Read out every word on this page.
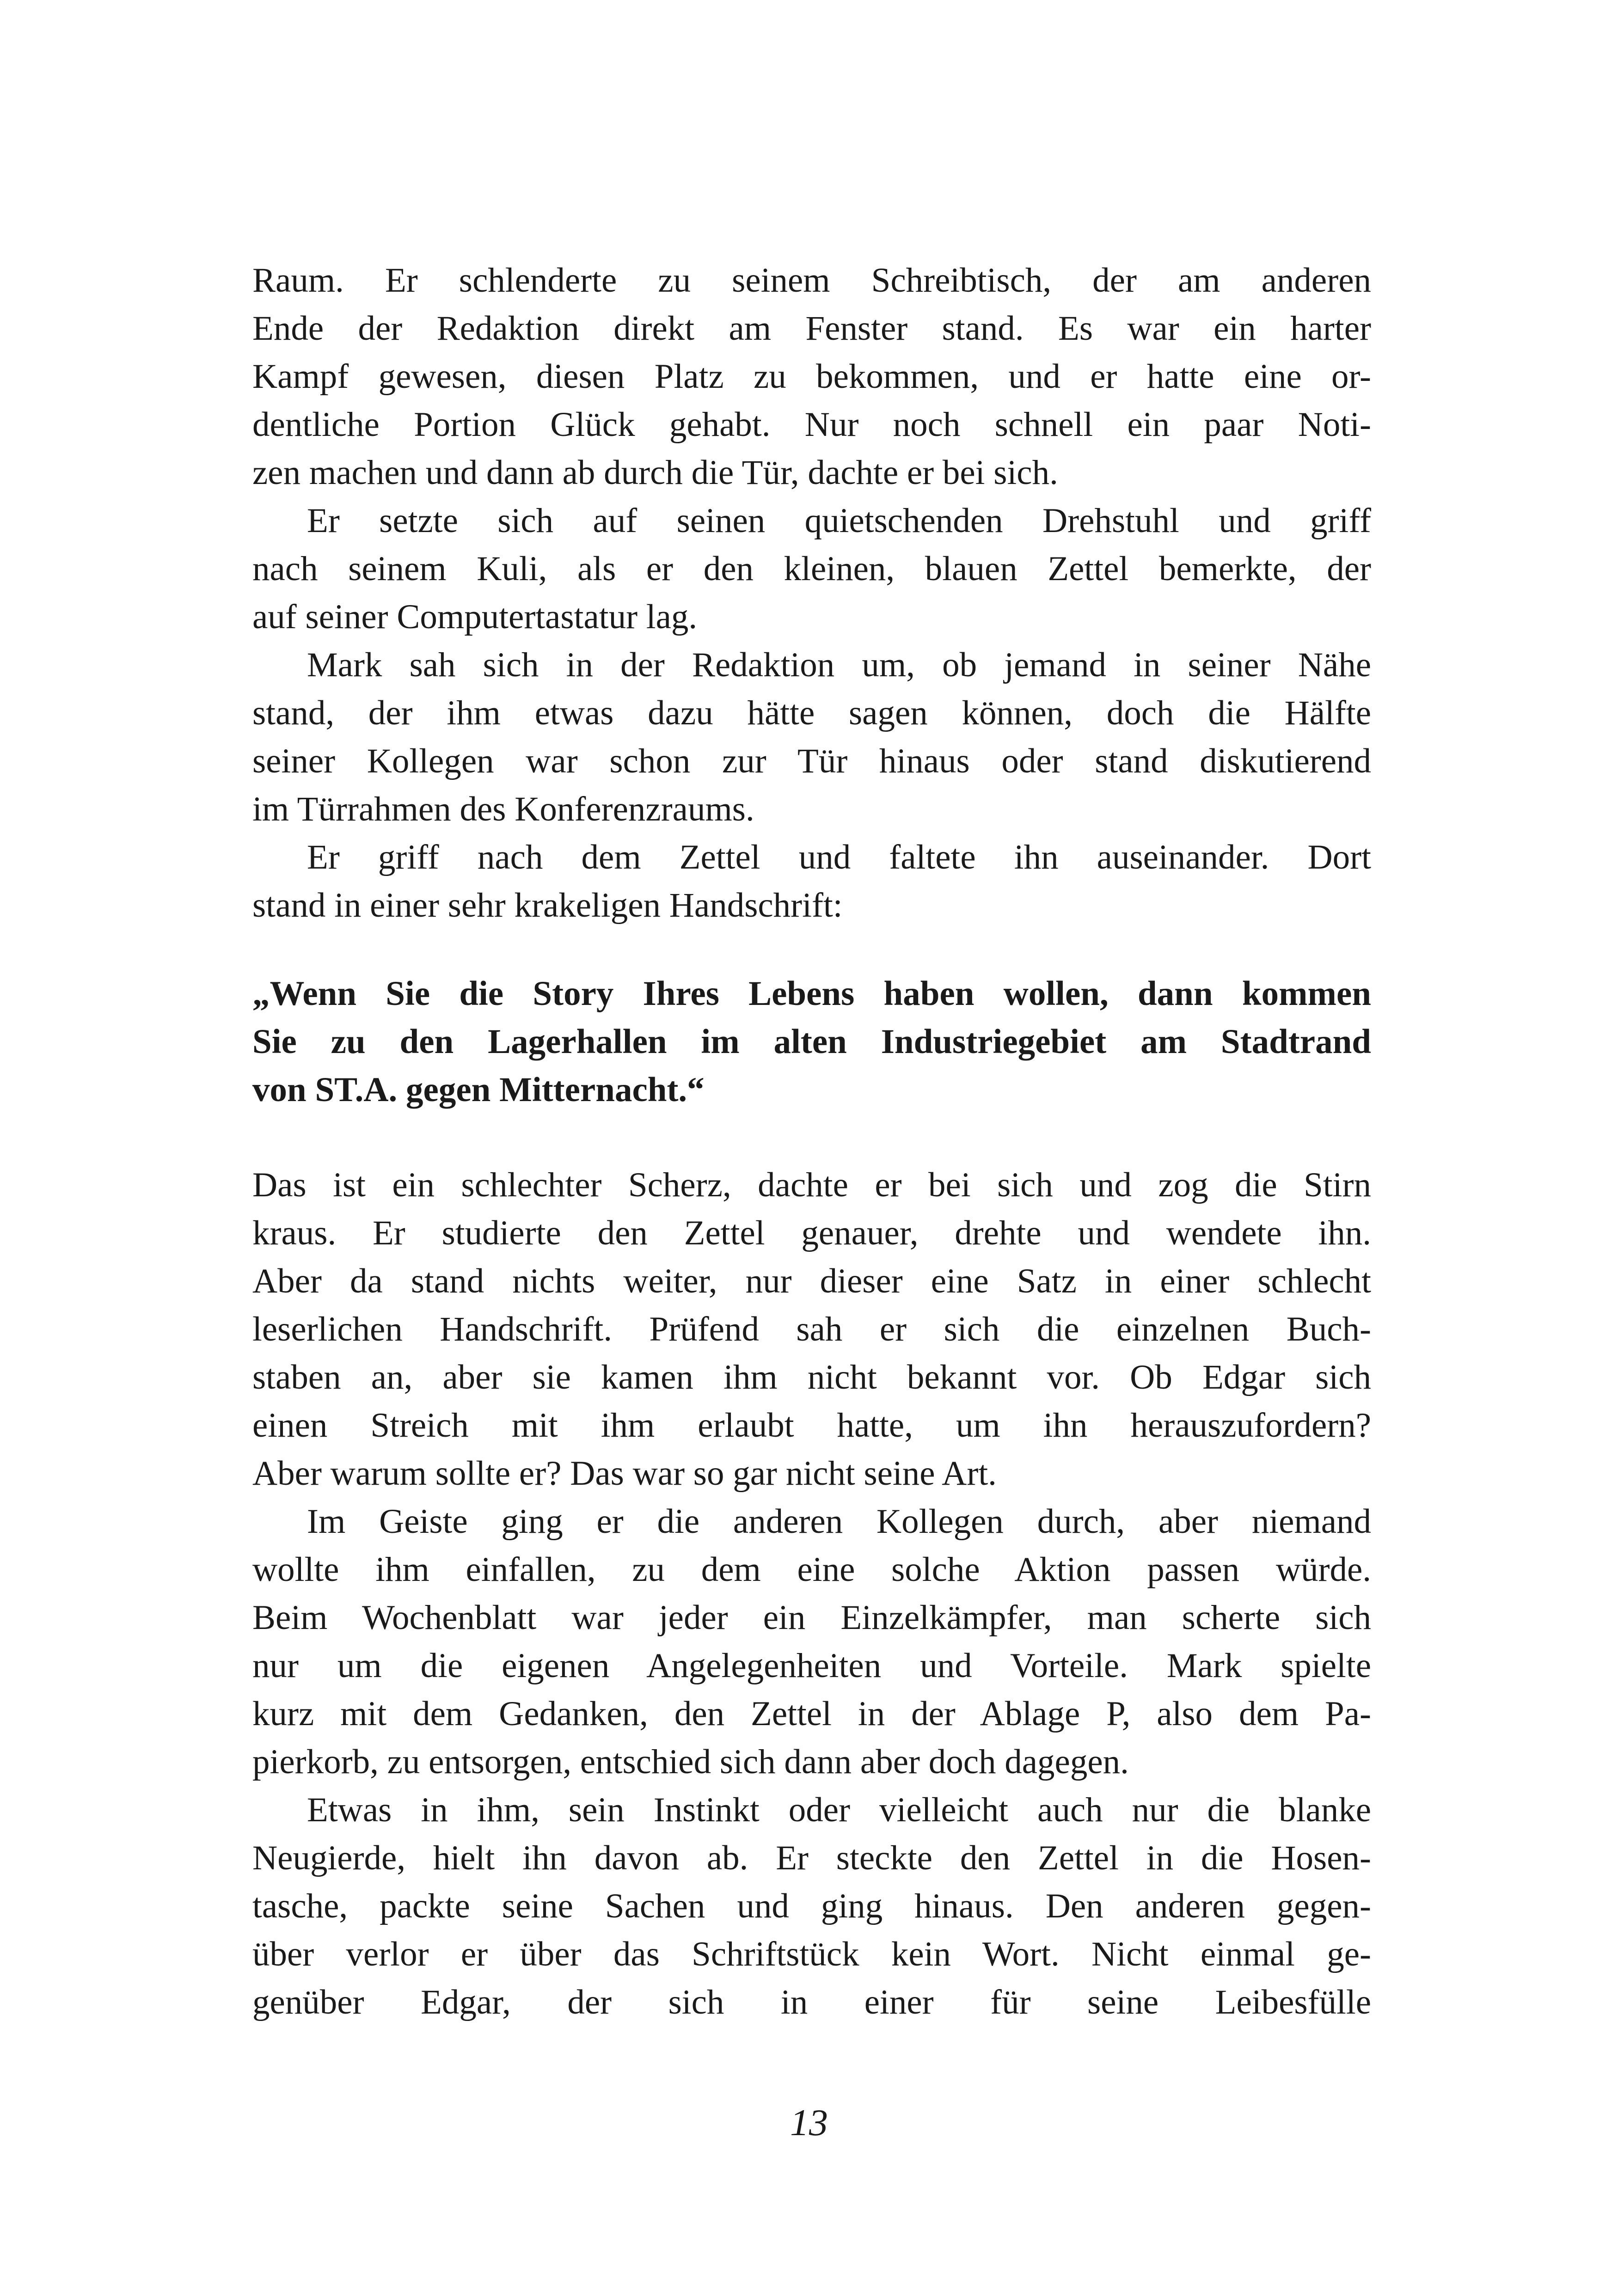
Raum. Er schlenderte zu seinem Schreibtisch, der am anderen
Ende der Redaktion direkt am Fenster stand. Es war ein harter
Kampf gewesen, diesen Platz zu bekommen, und er hatte eine or-
dentliche Portion Glück gehabt. Nur noch schnell ein paar Noti-
zen machen und dann ab durch die Tür, dachte er bei sich.
Er setzte sich auf seinen quietschenden Drehstuhl und griff
nach seinem Kuli, als er den kleinen, blauen Zettel bemerkte, der
auf seiner Computertastatur lag.
Mark sah sich in der Redaktion um, ob jemand in seiner Nähe
stand, der ihm etwas dazu hätte sagen können, doch die Hälfte
seiner Kollegen war schon zur Tür hinaus oder stand diskutierend
im Türrahmen des Konferenzraums.
Er griff nach dem Zettel und faltete ihn auseinander. Dort
stand in einer sehr krakeligen Handschrift:
„Wenn Sie die Story Ihres Lebens haben wollen, dann kommen
Sie zu den Lagerhallen im alten Industriegebiet am Stadtrand
von ST.A. gegen Mitternacht.“
Das ist ein schlechter Scherz, dachte er bei sich und zog die Stirn
kraus. Er studierte den Zettel genauer, drehte und wendete ihn.
Aber da stand nichts weiter, nur dieser eine Satz in einer schlecht
leserlichen Handschrift. Prüfend sah er sich die einzelnen Buch-
staben an, aber sie kamen ihm nicht bekannt vor. Ob Edgar sich
einen Streich mit ihm erlaubt hatte, um ihn herauszufordern?
Aber warum sollte er? Das war so gar nicht seine Art.
Im Geiste ging er die anderen Kollegen durch, aber niemand
wollte ihm einfallen, zu dem eine solche Aktion passen würde.
Beim Wochenblatt war jeder ein Einzelkämpfer, man scherte sich
nur um die eigenen Angelegenheiten und Vorteile. Mark spielte
kurz mit dem Gedanken, den Zettel in der Ablage P, also dem Pa-
pierkorb, zu entsorgen, entschied sich dann aber doch dagegen.
Etwas in ihm, sein Instinkt oder vielleicht auch nur die blanke
Neugierde, hielt ihn davon ab. Er steckte den Zettel in die Hosen-
tasche, packte seine Sachen und ging hinaus. Den anderen gegen-
über verlor er über das Schriftstück kein Wort. Nicht einmal ge-
genüber Edgar, der sich in einer für seine Leibesfülle
13
